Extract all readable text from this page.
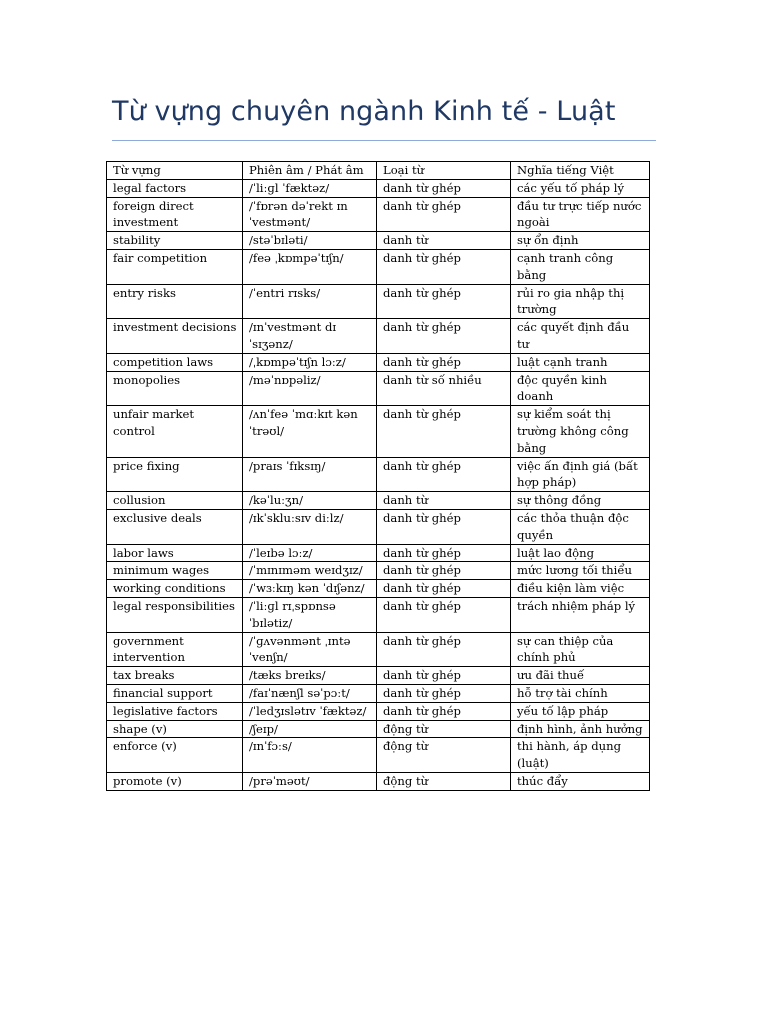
Từ vựng chuyên ngành Kinh tế - Luật
Từ vựng	Phiên âm / Phát âm	Loại từ	Nghĩa tiếng Việt
legal factors	/ˈliːɡl ˈfæktəz/	danh từ ghép	các yếu tố pháp lý
foreign direct investment	/ˈfɒrən dəˈrekt ɪn ˈvestmənt/	danh từ ghép	đầu tư trực tiếp nước ngoài
stability	/stəˈbɪləti/	danh từ	sự ổn định
fair competition	/feə ˌkɒmpəˈtɪʃn/	danh từ ghép	cạnh tranh công bằng
entry risks	/ˈentri rɪsks/	danh từ ghép	rủi ro gia nhập thị trường
investment decisions	/ɪnˈvestmənt dɪˈsɪʒənz/	danh từ ghép	các quyết định đầu tư
competition laws	/ˌkɒmpəˈtɪʃn lɔːz/	danh từ ghép	luật cạnh tranh
monopolies	/məˈnɒpəliz/	danh từ số nhiều	độc quyền kinh doanh
unfair market control	/ʌnˈfeə ˈmɑːkɪt kən ˈtrəʊl/	danh từ ghép	sự kiểm soát thị trường không công bằng
price fixing	/praɪs ˈfɪksɪŋ/	danh từ ghép	việc ấn định giá (bất hợp pháp)
collusion	/kəˈluːʒn/	danh từ	sự thông đồng
exclusive deals	/ɪkˈskluːsɪv diːlz/	danh từ ghép	các thỏa thuận độc quyền
labor laws	/ˈleɪbə lɔːz/	danh từ ghép	luật lao động
minimum wages	/ˈmɪnɪməm weɪdʒɪz/	danh từ ghép	mức lương tối thiểu
working conditions	/ˈwɜːkɪŋ kən ˈdɪʃənz/	danh từ ghép	điều kiện làm việc
legal responsibilities	/ˈliːɡl rɪˌspɒnsə ˈbɪlətiz/	danh từ ghép	trách nhiệm pháp lý
government intervention	/ˈɡʌvənmənt ˌɪntə ˈvenʃn/	danh từ ghép	sự can thiệp của chính phủ
tax breaks	/tæks breɪks/	danh từ ghép	ưu đãi thuế
financial support	/faɪˈnænʃl səˈpɔːt/	danh từ ghép	hỗ trợ tài chính
legislative factors	/ˈledʒɪslətɪv ˈfæktəz/	danh từ ghép	yếu tố lập pháp
shape (v)	/ʃeɪp/	động từ	định hình, ảnh hưởng
enforce (v)	/ɪnˈfɔːs/	động từ	thi hành, áp dụng (luật)
promote (v)	/prəˈməʊt/	động từ	thúc đẩy
